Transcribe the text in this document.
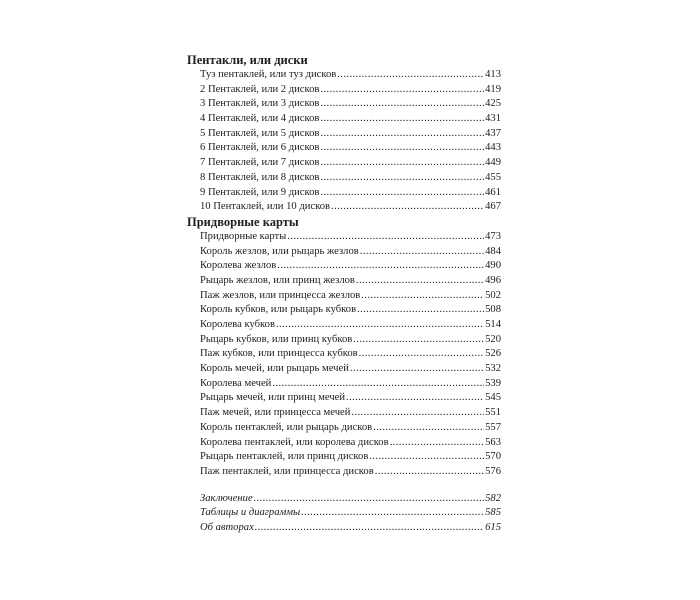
Пентакли, или диски
Туз пентаклей, или туз дисков .....	413
2 Пентаклей, или 2 дисков .....	419
3 Пентаклей, или 3 дисков .....	425
4 Пентаклей, или 4 дисков .....	431
5 Пентаклей, или 5 дисков .....	437
6 Пентаклей, или 6 дисков .....	443
7 Пентаклей, или 7 дисков .....	449
8 Пентаклей, или 8 дисков .....	455
9 Пентаклей, или 9 дисков .....	461
10 Пентаклей, или 10 дисков .....	467
Придворные карты
Придворные карты .....	473
Король жезлов, или рыцарь жезлов .....	484
Королева жезлов .....	490
Рыцарь жезлов, или принц жезлов .....	496
Паж жезлов, или принцесса жезлов .....	502
Король кубков, или рыцарь кубков .....	508
Королева кубков .....	514
Рыцарь кубков, или принц кубков .....	520
Паж кубков, или принцесса кубков .....	526
Король мечей, или рыцарь мечей .....	532
Королева мечей .....	539
Рыцарь мечей, или принц мечей .....	545
Паж мечей, или принцесса мечей .....	551
Король пентаклей, или рыцарь дисков .....	557
Королева пентаклей, или королева дисков .....	563
Рыцарь пентаклей, или принц дисков .....	570
Паж пентаклей, или принцесса дисков .....	576
Заключение .....	582
Таблицы и диаграммы .....	585
Об авторах .....	615
